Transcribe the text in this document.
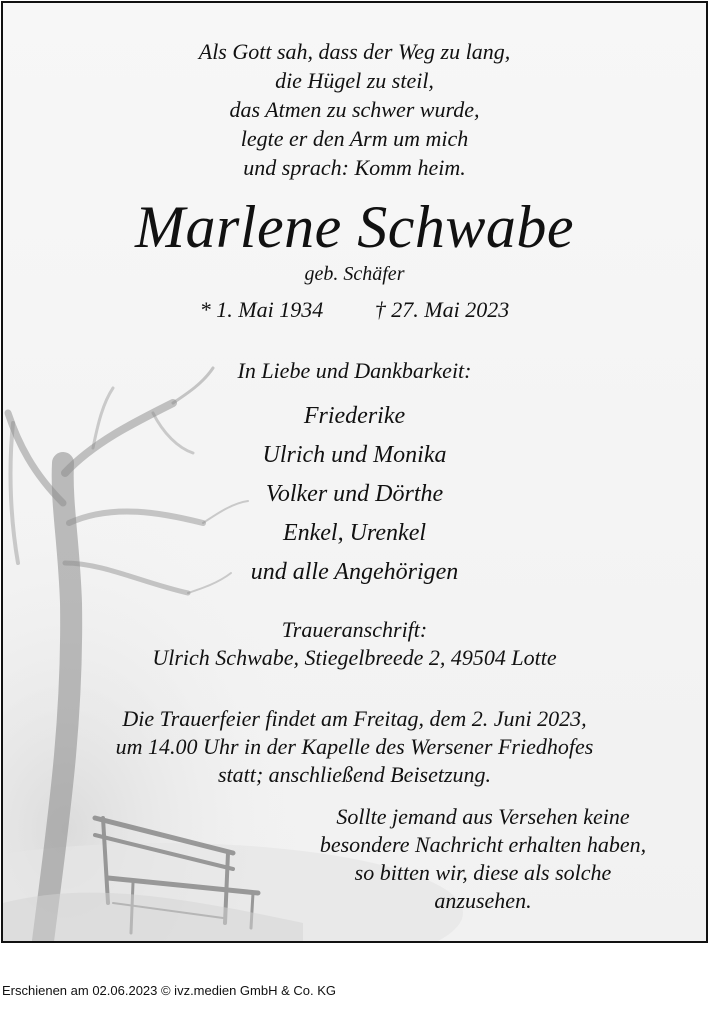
Als Gott sah, dass der Weg zu lang,
die Hügel zu steil,
das Atmen zu schwer wurde,
legte er den Arm um mich
und sprach: Komm heim.
Marlene Schwabe
geb. Schäfer
* 1. Mai 1934 † 27. Mai 2023
In Liebe und Dankbarkeit:
Friederike
Ulrich und Monika
Volker und Dörthe
Enkel, Urenkel
und alle Angehörigen
Traueranschrift:
Ulrich Schwabe, Stiegelbreede 2, 49504 Lotte
Die Trauerfeier findet am Freitag, dem 2. Juni 2023,
um 14.00 Uhr in der Kapelle des Wersener Friedhofes
statt; anschließend Beisetzung.
Sollte jemand aus Versehen keine
besondere Nachricht erhalten haben,
so bitten wir, diese als solche
anzusehen.
Erschienen am 02.06.2023 © ivz.medien GmbH & Co. KG
